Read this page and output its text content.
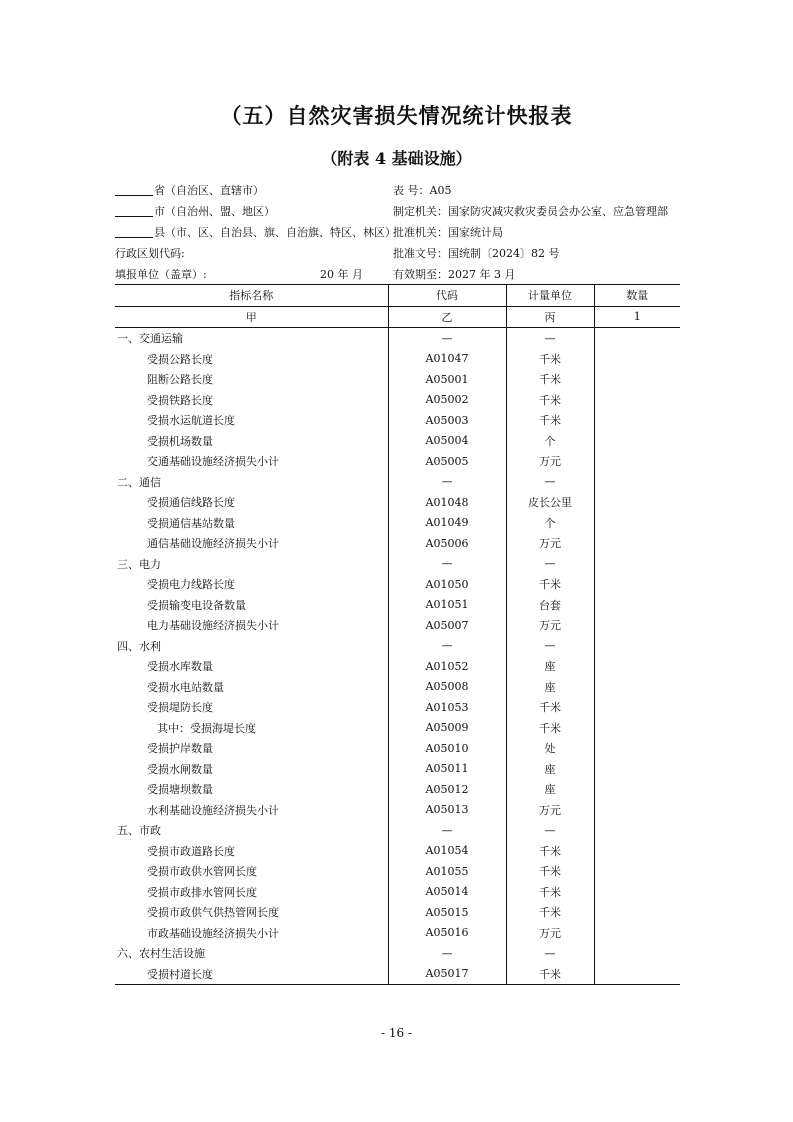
（五）自然灾害损失情况统计快报表
（附表 4 基础设施）
省（自治区、直辖市）	表 号：A05
市（自治州、盟、地区）	制定机关：国家防灾减灾救灾委员会办公室、应急管理部
县（市、区、自治县、旗、自治旗、特区、林区）
批准机关：国家统计局
行政区划代码:	批准文号：国统制〔2024〕82 号
填报单位（盖章）:	20 年 月	有效期至：2027 年 3 月
指标名称	代码	计量单位	数量
甲	乙	丙	1
一、交通运输	—	—	
受损公路长度	A01047	千米	
阻断公路长度	A05001	千米	
受损铁路长度	A05002	千米	
受损水运航道长度	A05003	千米	
受损机场数量	A05004	个	
交通基础设施经济损失小计	A05005	万元	
二、通信	—	—	
受损通信线路长度	A01048	皮长公里	
受损通信基站数量	A01049	个	
通信基础设施经济损失小计	A05006	万元	
三、电力	—	—	
受损电力线路长度	A01050	千米	
受损输变电设备数量	A01051	台套	
电力基础设施经济损失小计	A05007	万元	
四、水利	—	—	
受损水库数量	A01052	座	
受损水电站数量	A05008	座	
受损堤防长度	A01053	千米	
其中：受损海堤长度	A05009	千米	
受损护岸数量	A05010	处	
受损水闸数量	A05011	座	
受损塘坝数量	A05012	座	
水利基础设施经济损失小计	A05013	万元	
五、市政	—	—	
受损市政道路长度	A01054	千米	
受损市政供水管网长度	A01055	千米	
受损市政排水管网长度	A05014	千米	
受损市政供气供热管网长度	A05015	千米	
市政基础设施经济损失小计	A05016	万元	
六、农村生活设施	—	—	
受损村道长度	A05017	千米	
- 16 -
